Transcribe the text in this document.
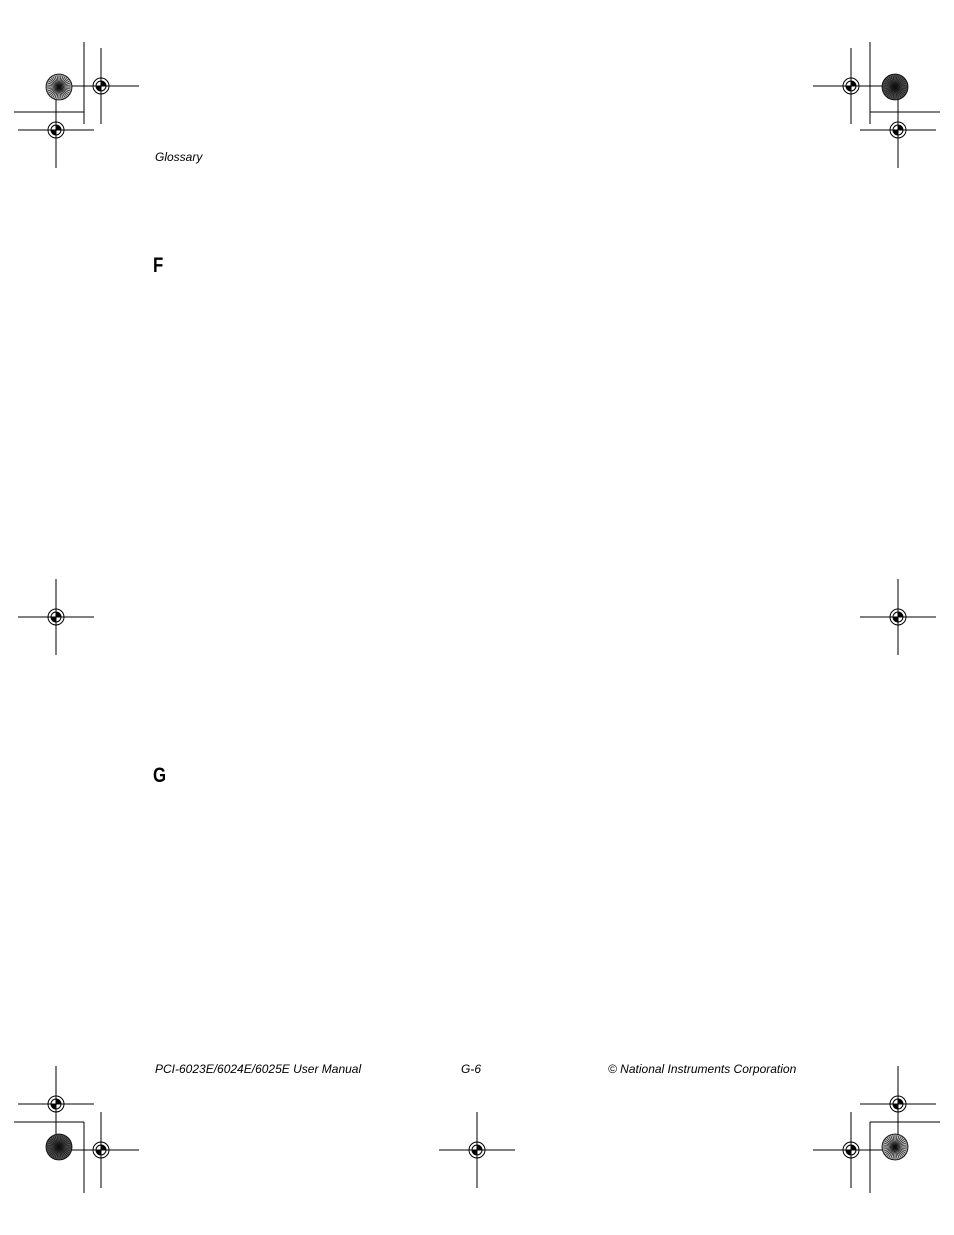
Glossary
F
G
PCI-6023E/6024E/6025E User Manual	G-6	© National Instruments Corporation
